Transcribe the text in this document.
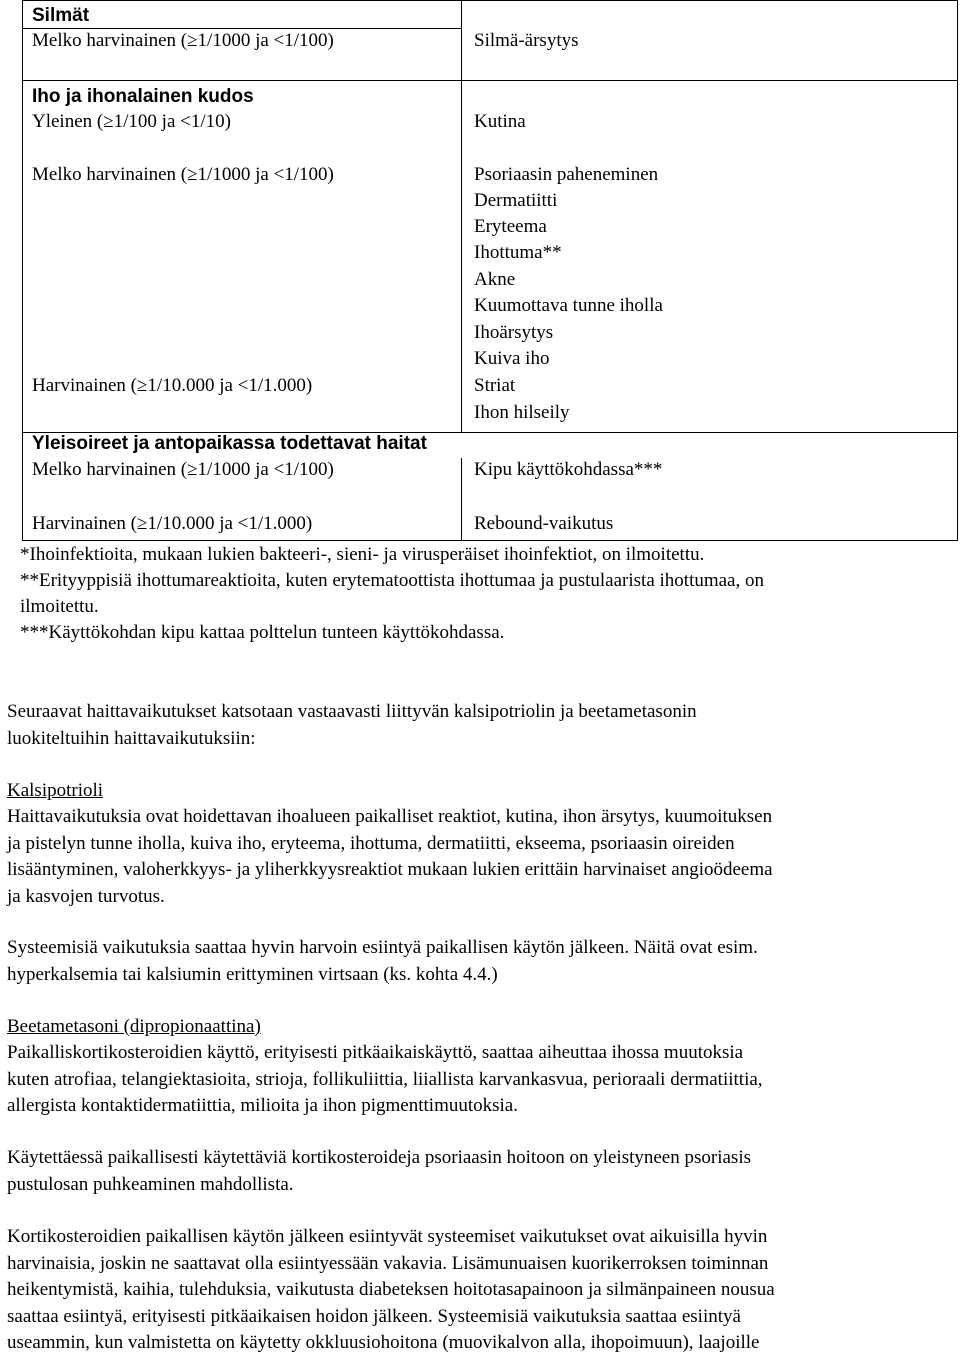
Silmät
Melko harvinainen (≥1/1000 ja <1/100)	Silmä-ärsytys
Iho ja ihonalainen kudos
Yleinen (≥1/100 ja <1/10)	Kutina
Melko harvinainen (≥1/1000 ja <1/100)	Psoriaasin paheneminen
Dermatiitti
Eryteema
Ihottuma**
Akne
Kuumottava tunne iholla
Ihoärsytys
Kuiva iho
Harvinainen (≥1/10.000 ja <1/1.000)	Striat
Ihon hilseily
Yleisoireet ja antopaikassa todettavat haitat
Melko harvinainen (≥1/1000 ja <1/100)	Kipu käyttökohdassa***
Harvinainen (≥1/10.000 ja <1/1.000)	Rebound-vaikutus
*Ihoinfektioita, mukaan lukien bakteeri-, sieni- ja virusperäiset ihoinfektiot, on ilmoitettu.
**Erityyppisiä ihottumareaktioita, kuten erytematoottista ihottumaa ja pustulaarista ihottumaa, on
ilmoitettu.
***Käyttökohdan kipu kattaa polttelun tunteen käyttökohdassa.
Seuraavat haittavaikutukset katsotaan vastaavasti liittyvän kalsipotriolin ja beetametasonin
luokiteltuihin haittavaikutuksiin:
Kalsipotrioli
Haittavaikutuksia ovat hoidettavan ihoalueen paikalliset reaktiot, kutina, ihon ärsytys, kuumoituksen
ja pistelyn tunne iholla, kuiva iho, eryteema, ihottuma, dermatiitti, ekseema, psoriaasin oireiden
lisääntyminen, valoherkkyys- ja yliherkkyysreaktiot mukaan lukien erittäin harvinaiset angioödeema
ja kasvojen turvotus.
Systeemisiä vaikutuksia saattaa hyvin harvoin esiintyä paikallisen käytön jälkeen. Näitä ovat esim.
hyperkalsemia tai kalsiumin erittyminen virtsaan (ks. kohta 4.4.)
Beetametasoni (dipropionaattina)
Paikalliskortikosteroidien käyttö, erityisesti pitkäaikaiskäyttö, saattaa aiheuttaa ihossa muutoksia
kuten atrofiaa, telangiektasioita, strioja, follikuliittia, liiallista karvankasvua, perioraali dermatiittia,
allergista kontaktidermatiittia, milioita ja ihon pigmenttimuutoksia.
Käytettäessä paikallisesti käytettäviä kortikosteroideja psoriaasin hoitoon on yleistyneen psoriasis
pustulosan puhkeaminen mahdollista.
Kortikosteroidien paikallisen käytön jälkeen esiintyvät systeemiset vaikutukset ovat aikuisilla hyvin
harvinaisia, joskin ne saattavat olla esiintyessään vakavia. Lisämunuaisen kuorikerroksen toiminnan
heikentymistä, kaihia, tulehduksia, vaikutusta diabeteksen hoitotasapainoon ja silmänpaineen nousua
saattaa esiintyä, erityisesti pitkäaikaisen hoidon jälkeen. Systeemisiä vaikutuksia saattaa esiintyä
useammin, kun valmistetta on käytetty okkluusiohoitona (muovikalvon alla, ihopoimuun), laajoille
